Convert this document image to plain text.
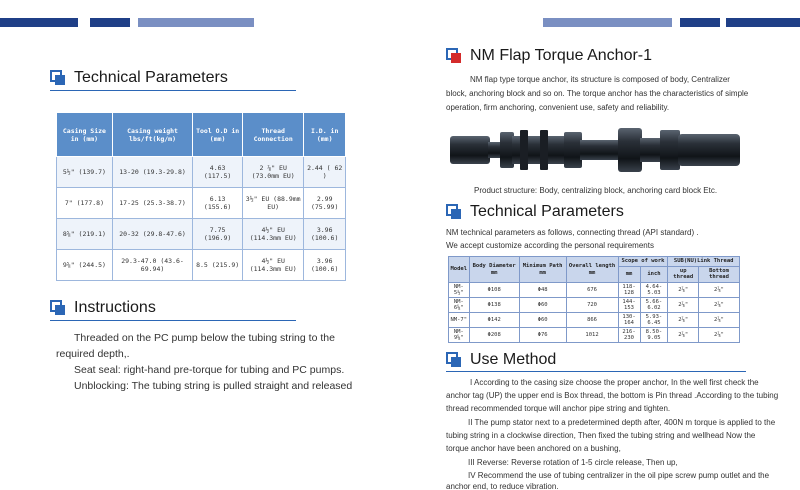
Technical Parameters
Casing Size in (mm)	Casing weight lbs/ft(kg/m)	Tool O.D in (mm)	Thread Connection	I.D. in (mm)
5½" (139.7)	13-20 (19.3-29.8)	4.63 (117.5)	2 ⅞" EU (73.0mm EU)	2.44 ( 62 )
7" (177.8)	17-25 (25.3-38.7)	6.13 (155.6)	3½" EU (88.9mm EU)	2.99 (75.99)
8⅝" (219.1)	20-32 (29.8-47.6)	7.75 (196.9)	4½" EU (114.3mm EU)	3.96 (100.6)
9⅝" (244.5)	29.3-47.0 (43.6-69.94)	8.5 (215.9)	4½" EU (114.3mm EU)	3.96 (100.6)
Instructions
Threaded on the PC pump below the tubing string to the
required depth,.
Seat seal: right-hand pre-torque for tubing and PC pumps.
Unblocking: The tubing string is pulled straight and released
NM Flap Torque Anchor-1
NM flap type torque anchor, its structure is composed of body, Centralizer
block, anchoring block and so on. The torque anchor has the characteristics of simple
operation, firm anchoring, convenient use, safety and reliability.
Product structure: Body, centralizing block, anchoring card block Etc.
Technical Parameters
NM technical parameters as follows, connecting thread (API standard) .
We accept customize according the personal requirements
Model	Body Diameter mm	Minimum Path mm	Overall length mm	Scope of work		SUB(NU)Link Thread	
				mm	inch	up thread	Bottom thread
NM-5½"	Φ108	Φ48	676	118-128	4.64-5.03	2⅞"	2⅞"
NM-6⅝"	Φ138	Φ60	720	144-153	5.66-6.02	2⅞"	2⅞"
NM-7"	Φ142	Φ60	866	130-164	5.93-6.45	2⅞"	2⅞"
NM-9⅝"	Φ208	Φ76	1012	216-230	8.50-9.05	2⅞"	2⅞"
Use Method
I According to the casing size choose the proper anchor, In the well first check the
anchor tag (UP) the upper end is Box thread, the bottom is Pin thread .According to the tubing
thread recommended torque will anchor pipe string and tighten.
II The pump stator next to a predetermined depth after, 400N m torque is applied to the
tubing string in a clockwise direction, Then fixed the tubing string and wellhead Now the
torque anchor have been anchored on a bushing,
III Reverse: Reverse rotation of 1-5 circle release, Then up,
IV Recommend the use of tubing centralizer in the oil pipe screw pump outlet and the
anchor end, to reduce vibration.
